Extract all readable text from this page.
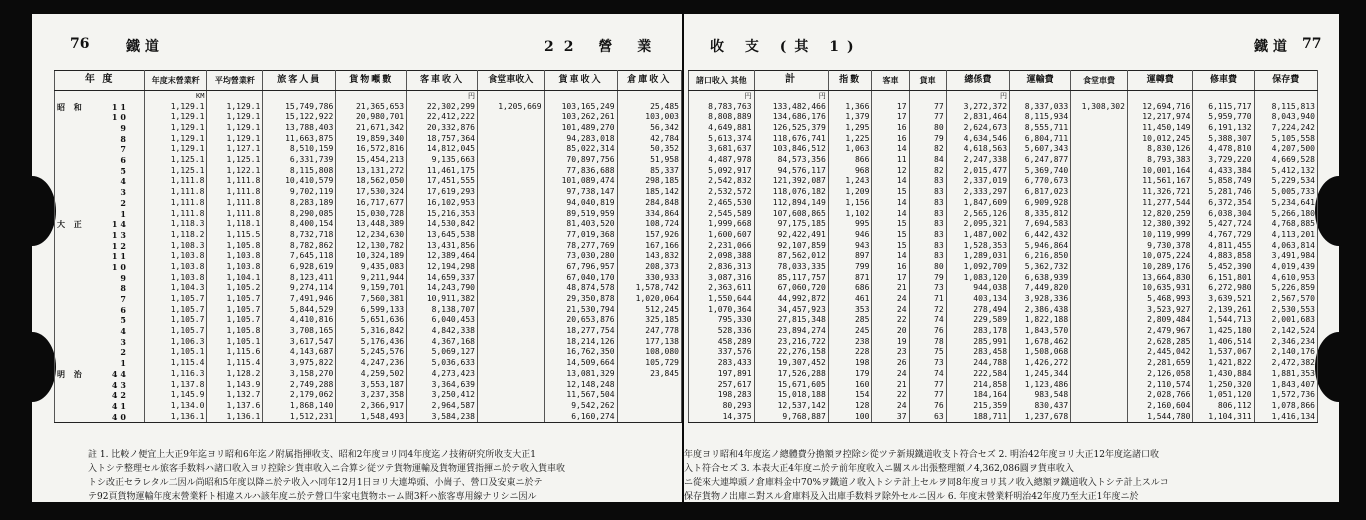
76	鐵 道	22 營 業
年 度	年度末營業粁	平均營業粁	旅客人員	貨物噸數	客車收入	食堂車收入	貨車收入	倉庫收入
	KM				円			
昭 和 11	1,129.1	1,129.1	15,749,786	21,365,653	22,302,299	1,205,669	103,165,249	25,485
10	1,129.1	1,129.1	15,122,922	20,980,701	22,412,222		103,262,261	103,003
9	1,129.1	1,129.1	13,788,403	21,671,342	20,332,876		101,489,270	56,342
8	1,129.1	1,129.1	11,663,875	19,859,340	18,757,364		94,283,018	42,784
7	1,129.1	1,127.1	8,510,159	16,572,816	14,812,045		85,022,314	50,352
6	1,125.1	1,125.1	6,331,739	15,454,213	9,135,663		70,897,756	51,958
5	1,125.1	1,122.1	8,115,808	13,131,272	11,461,175		77,836,688	85,337
4	1,111.8	1,111.8	10,410,579	18,562,050	17,451,555		101,089,474	298,185
3	1,111.8	1,111.8	9,702,119	17,530,324	17,619,293		97,738,147	185,142
2	1,111.8	1,111.8	8,283,189	16,717,677	16,102,953		94,040,819	284,848
1	1,111.8	1,111.8	8,290,085	15,030,728	15,216,353		89,519,959	334,864
大 正 14	1,118.3	1,118.1	8,400,154	13,448,389	14,530,842		81,403,520	108,724
13	1,118.2	1,115.5	8,732,718	12,234,630	13,645,538		77,019,368	157,926
12	1,108.3	1,105.8	8,782,862	12,130,782	13,431,856		78,277,769	167,166
11	1,103.8	1,103.8	7,645,118	10,324,189	12,389,464		73,030,280	143,832
10	1,103.8	1,103.8	6,928,619	9,435,083	12,194,298		67,796,957	208,373
9	1,103.8	1,104.1	8,123,411	9,211,944	14,659,337		67,040,170	330,933
8	1,104.3	1,105.2	9,274,114	9,159,701	14,243,790		48,874,578	1,578,742
7	1,105.7	1,105.7	7,491,946	7,560,381	10,911,382		29,350,878	1,020,064
6	1,105.7	1,105.7	5,844,529	6,599,133	8,138,707		21,530,794	512,245
5	1,105.7	1,105.7	4,410,816	5,651,636	6,040,453		20,653,876	325,185
4	1,105.7	1,105.8	3,708,165	5,316,842	4,842,338		18,277,754	247,778
3	1,106.3	1,105.1	3,617,547	5,176,436	4,367,168		18,214,126	177,138
2	1,105.1	1,115.6	4,143,687	5,245,576	5,069,127		16,762,350	108,080
1	1,115.4	1,115.4	3,975,822	4,247,236	5,036,633		14,509,664	105,729
明 治 44	1,116.3	1,128.2	3,158,270	4,259,502	4,273,423		13,081,329	23,845
43	1,137.8	1,143.9	2,749,288	3,553,187	3,364,639		12,148,248	
42	1,145.9	1,132.7	2,179,062	3,237,358	3,250,412		11,567,504	
41	1,134.0	1,137.6	1,868,140	2,366,917	2,964,587		9,542,262	
40	1,136.1	1,136.1	1,512,231	1,548,493	3,584,238		6,160,274	
註 1. 比較ノ便宜上大正9年迄ヨリ昭和6年迄ノ附属指揮收支、昭和2年度ヨリ同4年度迄ノ技術研究所收支大正1
入トシテ整理セル旅客手数料ハ諸口收入ヨリ控除シ貨車收入ニ合算シ従ツテ貨物運輸及貨物運賃指揮ニ於テ收入貨車收
トシ改正セラレタル二因ル尚昭和5年度以降ニ於テ收入ハ同年12月1日ヨリ大連埠頭、小崗子、營口及安東ニ於テ
テ92頁貨物運輸年度末營業粁ト相違スルハ該年度ニ於テ營口牛家屯貨物ホーム間3粁ハ旅客専用線ナリシニ因ル
收 支 (其 1)	鐵 道 77
諸口收入 其他	計	指數	客車	貨車	總係費	運輸費	食堂車費	運轉費	修車費	保存費
円	円				円					
8,783,763	133,482,466	1,366	17	77	3,272,372	8,337,033	1,308,302	12,694,716	6,115,717	8,115,813
8,808,889	134,686,176	1,379	17	77	2,831,464	8,115,934		12,217,974	5,959,770	8,043,940
4,649,881	126,525,379	1,295	16	80	2,624,673	8,555,711		11,450,149	6,191,132	7,224,242
5,613,374	118,676,741	1,225	16	79	4,634,546	6,804,711		10,012,245	5,388,307	5,105,558
3,681,637	103,846,512	1,063	14	82	4,618,563	5,607,343		8,830,126	4,478,810	4,207,500
4,487,978	84,573,356	866	11	84	2,247,338	6,247,877		8,793,383	3,729,220	4,669,528
5,092,917	94,576,117	968	12	82	2,015,477	5,369,740		10,001,164	4,433,384	5,412,132
2,542,832	121,392,087	1,243	14	83	2,337,019	6,770,673		11,561,167	5,858,749	5,229,534
2,532,572	118,076,182	1,209	15	83	2,333,297	6,817,023		11,326,721	5,281,746	5,005,733
2,465,530	112,894,149	1,156	14	83	1,847,609	6,909,928		11,277,544	6,372,354	5,234,641
2,545,589	107,608,865	1,102	14	83	2,565,126	8,335,812		12,820,259	6,038,304	5,266,180
1,999,668	97,175,185	995	15	83	2,095,321	7,694,583		12,380,392	5,427,724	4,768,885
1,600,607	92,422,491	946	15	83	1,487,002	6,442,432		10,119,999	4,767,729	4,113,201
2,231,066	92,107,859	943	15	83	1,528,353	5,946,864		9,730,378	4,811,455	4,063,814
2,098,388	87,562,012	897	14	83	1,289,031	6,216,850		10,075,224	4,883,858	3,491,984
2,836,313	78,033,335	799	16	80	1,092,709	5,362,732		10,289,176	5,452,390	4,019,439
3,087,316	85,117,757	871	17	79	1,083,120	6,638,939		13,664,830	6,151,801	4,610,953
2,363,611	67,060,720	686	21	73	944,038	7,449,820		10,635,931	6,272,980	5,226,859
1,550,644	44,992,872	461	24	71	403,134	3,928,336		5,468,993	3,639,521	2,567,570
1,070,364	34,457,923	353	24	72	278,494	2,386,438		3,523,927	2,139,261	2,530,553
795,330	27,815,348	285	22	74	229,589	1,822,188		2,809,484	1,544,713	2,001,683
528,336	23,894,274	245	20	76	283,178	1,843,570		2,479,967	1,425,180	2,142,524
458,289	23,216,722	238	19	78	285,991	1,678,462		2,628,285	1,406,514	2,346,234
337,576	22,276,158	228	23	75	283,458	1,508,068		2,445,042	1,537,067	2,140,176
283,433	19,307,452	198	26	73	244,788	1,426,272		2,281,659	1,421,822	2,472,382
197,891	17,526,288	179	24	74	222,584	1,245,344		2,126,058	1,430,884	1,881,353
257,617	15,671,605	160	21	77	214,858	1,123,486		2,110,574	1,250,320	1,843,407
198,283	15,018,188	154	22	77	184,164	983,548		2,028,766	1,051,120	1,572,736
80,293	12,537,142	128	24	76	215,359	830,437		2,160,604	806,112	1,078,866
14,375	9,768,887	100	37	63	188,711	1,237,678		1,544,780	1,104,311	1,416,134
年度ヨリ昭和4年度迄ノ總體費分擔額ヲ控除シ從ツテ新規鐵道收支ト符合セズ 2. 明治42年度ヨリ大正12年度迄諸口收
入ト符合セズ 3. 本表大正4年度ニ於テ前年度收入ニ關スル出張整理額ノ4,362,086圓ヲ貨車收入
ニ從來大連埠頭ノ倉庫料金中70%ヲ鐵道ノ收入トシテ計上セルヲ同8年度ヨリ其ノ收入總額ヲ鐵道收入トシテ計上スルコ
保存貨物ノ出庫ニ對スル倉庫料及入出庫手数料ヲ除外セルニ因ル 6. 年度末營業粁明治42年度乃至大正1年度ニ於
